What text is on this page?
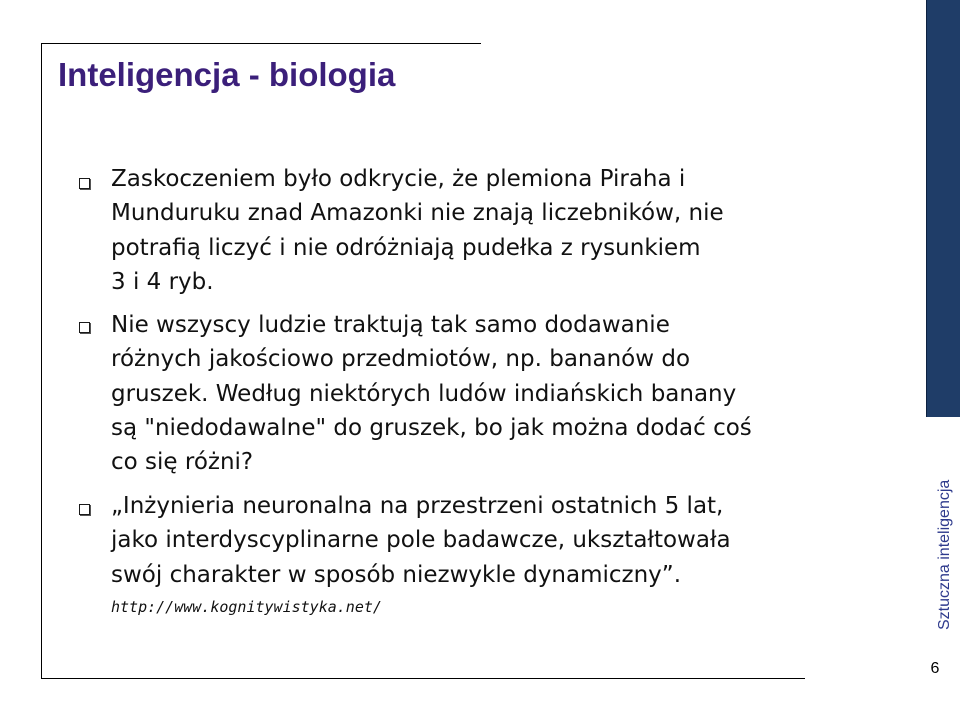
Sztuczna inteligencja
6
Inteligencja - biologia
Zaskoczeniem było odkrycie, że plemiona Piraha i
Munduruku znad Amazonki nie znają liczebników, nie
potrafią liczyć i nie odróżniają pudełka z rysunkiem
3 i 4 ryb.
Nie wszyscy ludzie traktują tak samo dodawanie
różnych jakościowo przedmiotów, np. bananów do
gruszek. Według niektórych ludów indiańskich banany
są "niedodawalne" do gruszek, bo jak można dodać coś
co się różni?
„Inżynieria neuronalna na przestrzeni ostatnich 5 lat,
jako interdyscyplinarne pole badawcze, ukształtowała
swój charakter w sposób niezwykle dynamiczny”.
http://www.kognitywistyka.net/
